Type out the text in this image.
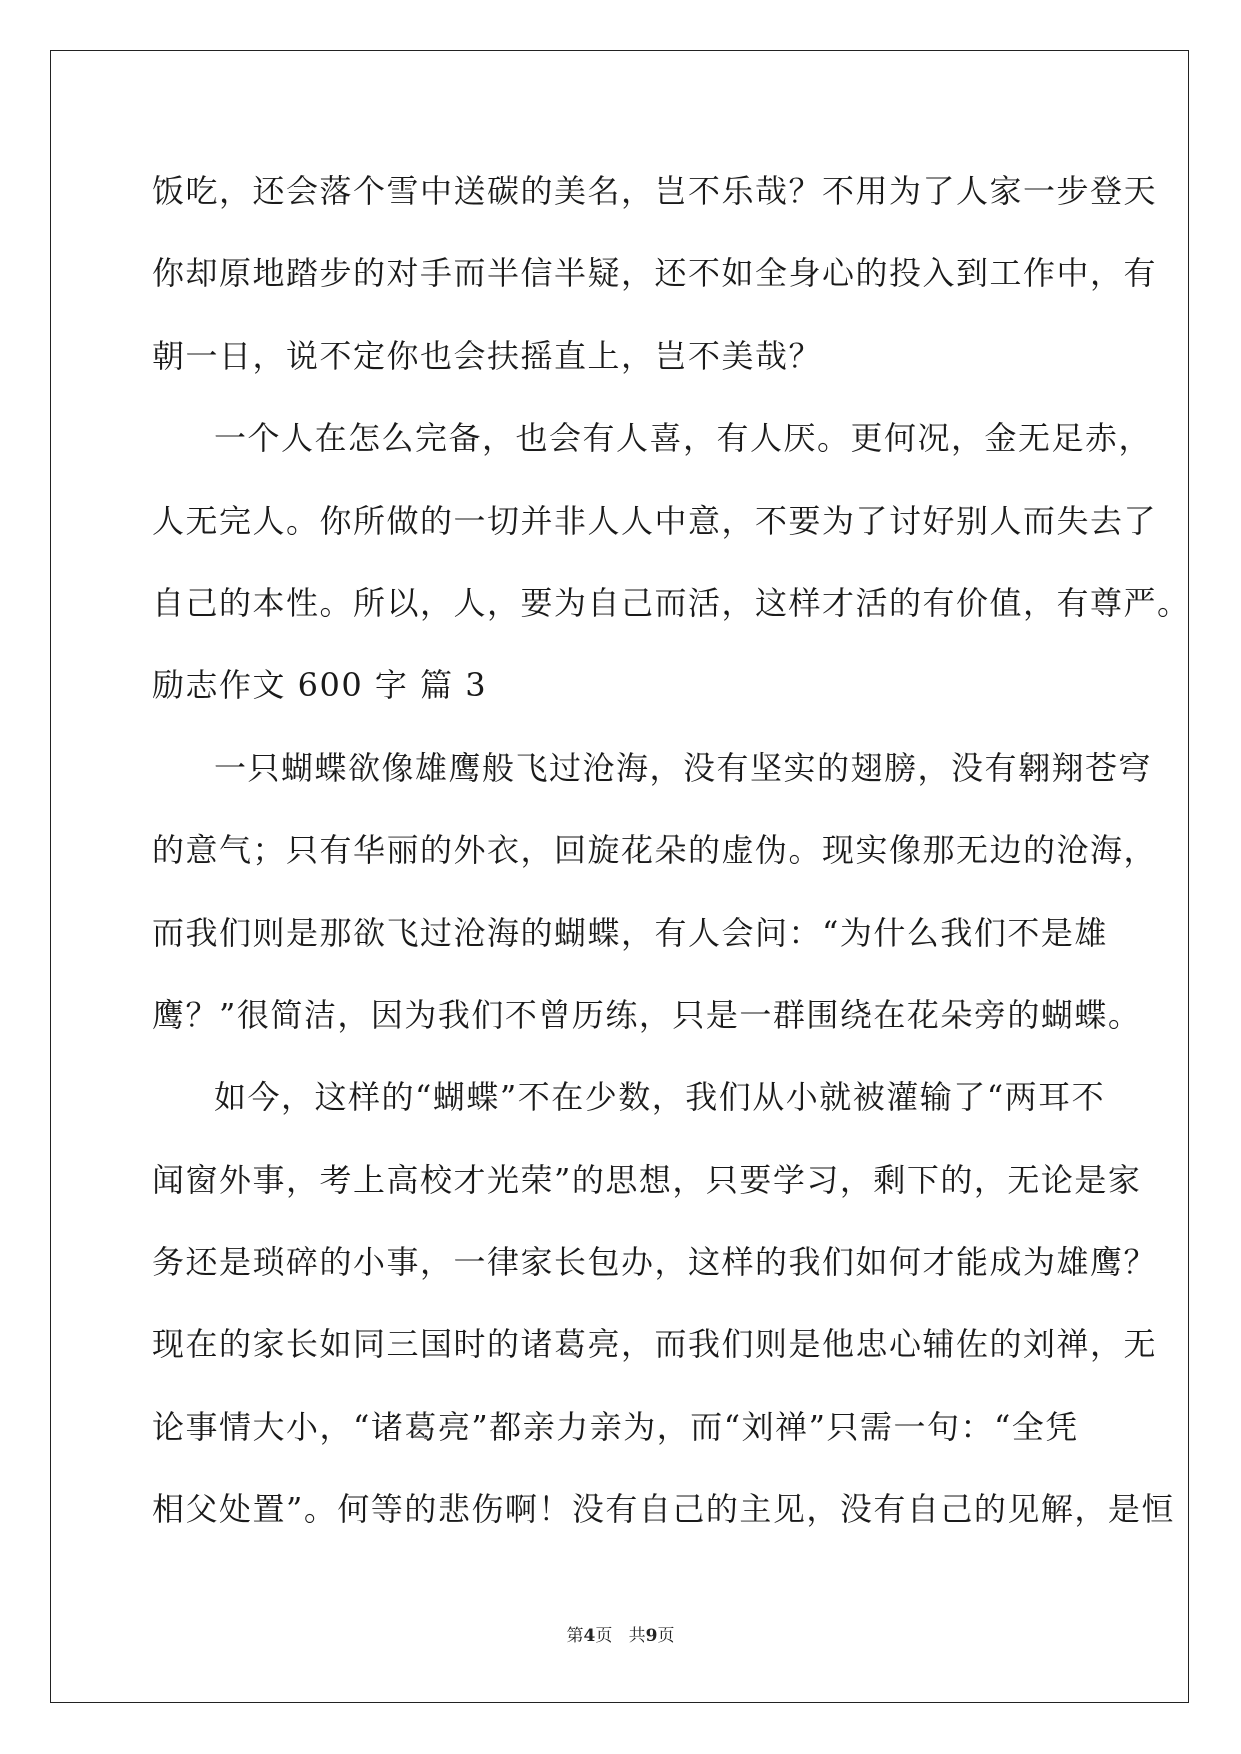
饭吃，还会落个雪中送碳的美名，岂不乐哉？不用为了人家一步登天
你却原地踏步的对手而半信半疑，还不如全身心的投入到工作中，有
朝一日，说不定你也会扶摇直上，岂不美哉？
一个人在怎么完备，也会有人喜，有人厌。更何况，金无足赤，
人无完人。你所做的一切并非人人中意，不要为了讨好别人而失去了
自己的本性。所以，人，要为自己而活，这样才活的有价值，有尊严。
励志作文 600 字 篇 3
一只蝴蝶欲像雄鹰般飞过沧海，没有坚实的翅膀，没有翱翔苍穹
的意气；只有华丽的外衣，回旋花朵的虚伪。现实像那无边的沧海，
而我们则是那欲飞过沧海的蝴蝶，有人会问：“为什么我们不是雄
鹰？”很简洁，因为我们不曾历练，只是一群围绕在花朵旁的蝴蝶。
如今，这样的“蝴蝶”不在少数，我们从小就被灌输了“两耳不
闻窗外事，考上高校才光荣”的思想，只要学习，剩下的，无论是家
务还是琐碎的小事，一律家长包办，这样的我们如何才能成为雄鹰？
现在的家长如同三国时的诸葛亮，而我们则是他忠心辅佐的刘禅，无
论事情大小，“诸葛亮”都亲力亲为，而“刘禅”只需一句：“全凭
相父处置”。何等的悲伤啊！没有自己的主见，没有自己的见解，是恒
第4页 共9页
